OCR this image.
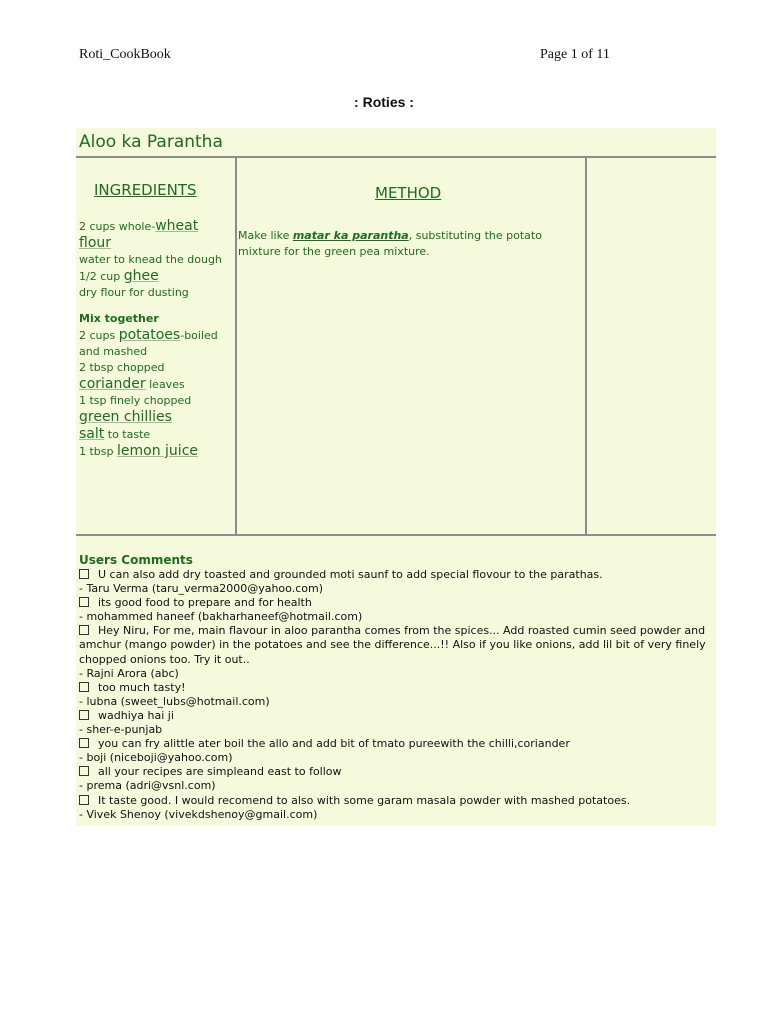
Roti_CookBook	Page 1 of 11
: Roties :
Aloo ka Parantha
INGREDIENTS	METHOD
2 cups whole-wheat
flour
water to knead the dough
1/2 cup ghee
dry flour for dusting
Mix together
2 cups potatoes-boiled and mashed
2 tbsp chopped
coriander leaves
1 tsp finely chopped
green chillies
salt to taste
1 tbsp lemon juice
Make like matar ka parantha, substituting the potato mixture for the green pea mixture.
Users Comments
U can also add dry toasted and grounded moti saunf to add special flovour to the parathas.
- Taru Verma (taru_verma2000@yahoo.com)
its good food to prepare and for health
- mohammed haneef (bakharhaneef@hotmail.com)
Hey Niru, For me, main flavour in aloo parantha comes from the spices... Add roasted cumin seed powder and amchur (mango powder) in the potatoes and see the difference...!! Also if you like onions, add lil bit of very finely chopped onions too. Try it out..
- Rajni Arora (abc)
too much tasty!
- lubna (sweet_lubs@hotmail.com)
wadhiya hai ji
- sher-e-punjab
you can fry alittle ater boil the allo and add bit of tmato pureewith the chilli,coriander
- boji (niceboji@yahoo.com)
all your recipes are simpleand east to follow
- prema (adri@vsnl.com)
It taste good. I would recomend to also with some garam masala powder with mashed potatoes.
- Vivek Shenoy (vivekdshenoy@gmail.com)
